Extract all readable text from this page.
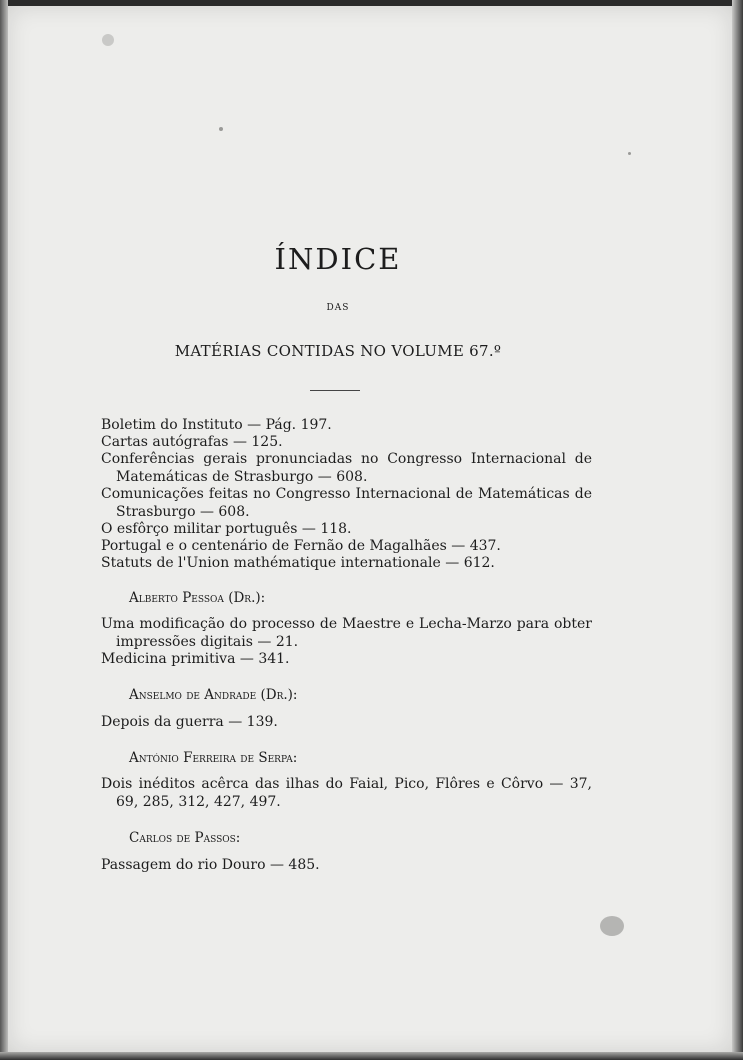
ÍNDICE
DAS
MATÉRIAS CONTIDAS NO VOLUME 67.º
Boletim do Instituto — Pág. 197.
Cartas autógrafas — 125.
Conferências gerais pronunciadas no Congresso Internacional de Matemáticas de Strasburgo — 608.
Comunicações feitas no Congresso Internacional de Matemáticas de Strasburgo — 608.
O esfôrço militar português — 118.
Portugal e o centenário de Fernão de Magalhães — 437.
Statuts de l'Union mathématique internationale — 612.
Alberto Pessoa (Dr.):
Uma modificação do processo de Maestre e Lecha-Marzo para obter impressões digitais — 21.
Medicina primitiva — 341.
Anselmo de Andrade (Dr.):
Depois da guerra — 139.
António Ferreira de Serpa:
Dois inéditos acêrca das ilhas do Faial, Pico, Flôres e Côrvo — 37, 69, 285, 312, 427, 497.
Carlos de Passos:
Passagem do rio Douro — 485.
